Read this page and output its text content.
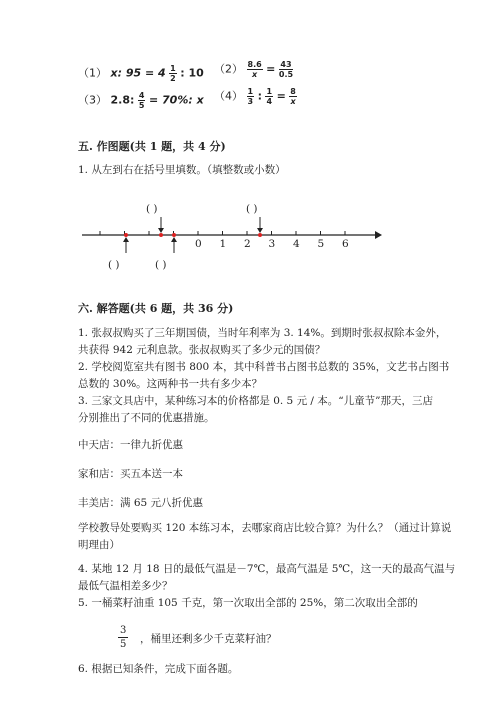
（1） x: $95 = 4 \frac{1}{2}$ : 10 $(2) \frac{8.6}{x} = \frac{43}{0.5}$
（3） 2.8: $\frac{4}{5} = 70\%$: x $(4) \frac{1}{3}$ : $\frac{1}{4} = \frac{8}{x}$
五. 作图题(共 1 题，共 4 分)
1. 从左到右在括号里填数。（填整数或小数）
( )	( )
( )	( )
0 1 2 3 4 5 6
六. 解答题(共 6 题，共 36 分)
1. 张叔叔购买了三年期国债，当时年利率为 3. 14%。到期时张叔叔除本金外，
共获得 942 元利息款。张叔叔购买了多少元的国债？
2. 学校阅览室共有图书 800 本，其中科普书占图书总数的 35%，文艺书占图书
总数的 30%。这两种书一共有多少本？
3. 三家文具店中，某种练习本的价格都是 0. 5 元 / 本。“儿童节”那天，三店
分别推出了不同的优惠措施。
中天店：一律九折优惠
家和店：买五本送一本
丰美店：满 65 元八折优惠
学校教导处要购买 120 本练习本，去哪家商店比较合算？为什么？（通过计算说
明理由）
4. 某地 12 月 18 日的最低气温是－7℃，最高气温是 5℃，这一天的最高气温与
最低气温相差多少？
5. 一桶菜籽油重 105 千克，第一次取出全部的 25%，第二次取出全部的
3
5 ，桶里还剩多少千克菜籽油？
6. 根据已知条件，完成下面各题。
